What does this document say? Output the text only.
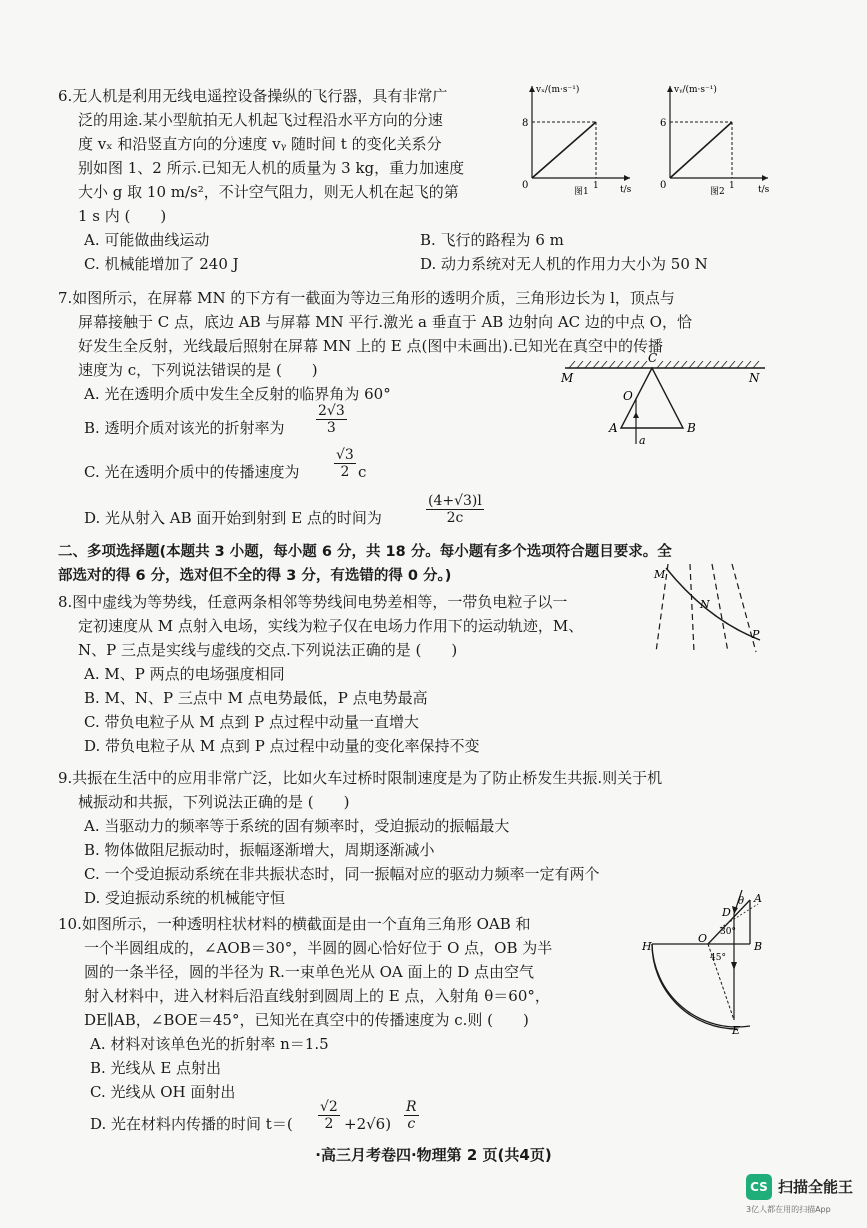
6.无人机是利用无线电遥控设备操纵的飞行器，具有非常广
泛的用途.某小型航拍无人机起飞过程沿水平方向的分速
度 vₓ 和沿竖直方向的分速度 vᵧ 随时间 t 的变化关系分
别如图 1、2 所示.已知无人机的质量为 3 kg，重力加速度
大小 g 取 10 m/s²，不计空气阻力，则无人机在起飞的第
1 s 内 (　　)
A. 可能做曲线运动	B. 飞行的路程为 6 m
C. 机械能增加了 240 J	D. 动力系统对无人机的作用力大小为 50 N
vₓ/(m·s⁻¹)
8
0	1 t/s
图1
vᵧ/(m·s⁻¹)
6
0	1	t/s
图2
7.如图所示，在屏幕 MN 的下方有一截面为等边三角形的透明介质，三角形边长为 l，顶点与
屏幕接触于 C 点，底边 AB 与屏幕 MN 平行.激光 a 垂直于 AB 边射向 AC 边的中点 O，恰
好发生全反射，光线最后照射在屏幕 MN 上的 E 点(图中未画出).已知光在真空中的传播
速度为 c，下列说法错误的是 (　　)
A. 光在透明介质中发生全反射的临界角为 60°
B. 透明介质对该光的折射率为 $\frac{2√3}{3}$
C. 光在透明介质中的传播速度为 $\frac{√3}{2}$ c
D. 光从射入 AB 面开始到射到 E 点的时间为	$\frac{(4+√3)l}{2c}$
M	N
C
O
A	B
a
二、多项选择题(本题共 3 小题，每小题 6 分，共 18 分。每小题有多个选项符合题目要求。全
部选对的得 6 分，选对但不全的得 3 分，有选错的得 0 分。)
8.图中虚线为等势线，任意两条相邻等势线间电势差相等，一带负电粒子以一
定初速度从 M 点射入电场，实线为粒子仅在电场力作用下的运动轨迹，M、
N、P 三点是实线与虚线的交点.下列说法正确的是 (　　)
A. M、P 两点的电场强度相同
B. M、N、P 三点中 M 点电势最低，P 点电势最高
C. 带负电粒子从 M 点到 P 点过程中动量一直增大
D. 带负电粒子从 M 点到 P 点过程中动量的变化率保持不变
M
N
P
9.共振在生活中的应用非常广泛，比如火车过桥时限制速度是为了防止桥发生共振.则关于机
械振动和共振，下列说法正确的是 (　　)
A. 当驱动力的频率等于系统的固有频率时，受迫振动的振幅最大
B. 物体做阻尼振动时，振幅逐渐增大，周期逐渐减小
C. 一个受迫振动系统在非共振状态时，同一振幅对应的驱动力频率一定有两个
D. 受迫振动系统的机械能守恒
10.如图所示，一种透明柱状材料的横截面是由一个直角三角形 OAB 和
一个半圆组成的，∠AOB＝30°，半圆的圆心恰好位于 O 点，OB 为半
圆的一条半径，圆的半径为 R.一束单色光从 OA 面上的 D 点由空气
射入材料中，进入材料后沿直线射到圆周上的 E 点，入射角 θ＝60°，
DE∥AB，∠BOE＝45°，已知光在真空中的传播速度为 c.则 (　　)
A. 材料对该单色光的折射率 n＝1.5
B. 光线从 E 点射出
C. 光线从 OH 面射出
H
O
A
B
D
E
θ
30°
45°
D. 光在材料内传播的时间 $t=( \frac{√2}{2} +2√6) \frac{R}{c}$
·高三月考卷四·物理第 2 页(共4页)
CS 扫描全能王
3亿人都在用的扫描App
